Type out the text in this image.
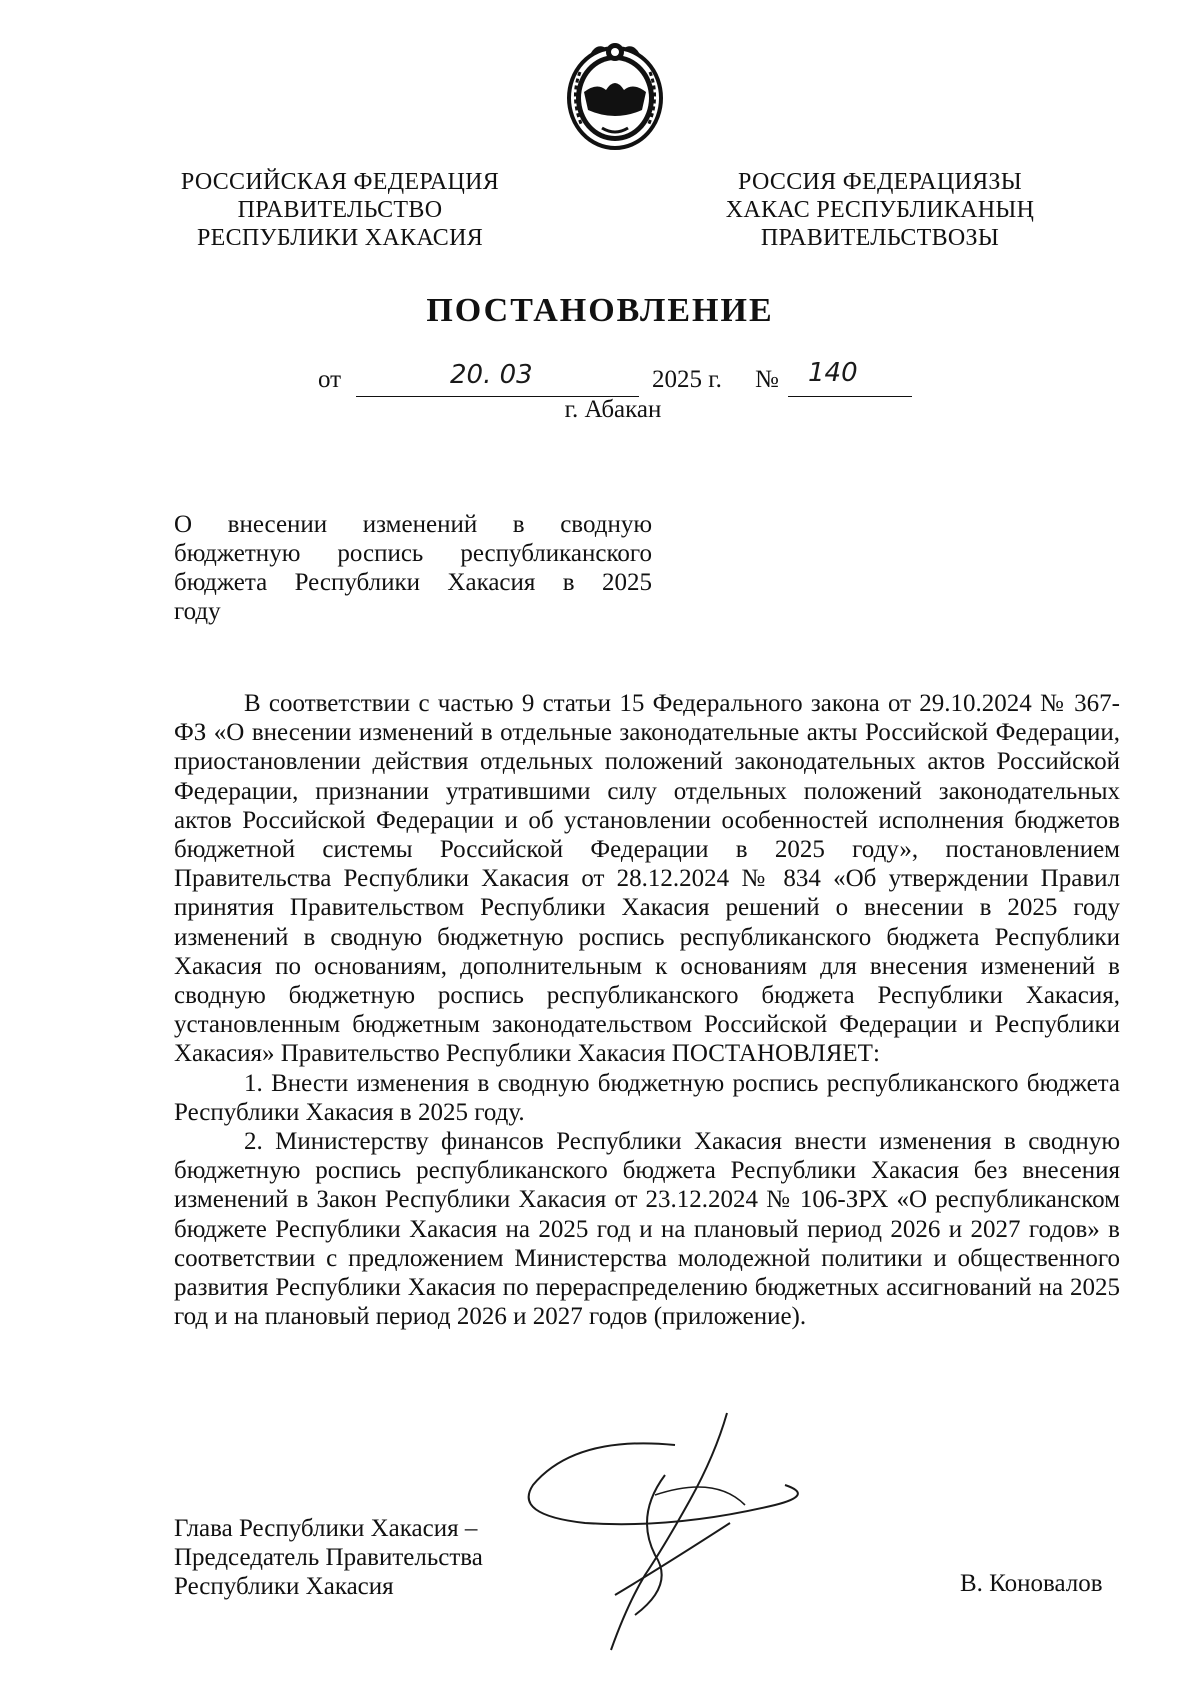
РОССИЙСКАЯ ФЕДЕРАЦИЯ
ПРАВИТЕЛЬСТВО
РЕСПУБЛИКИ ХАКАСИЯ
РОССИЯ ФЕДЕРАЦИЯЗЫ
ХАКАС РЕСПУБЛИКАНЫҢ
ПРАВИТЕЛЬСТВОЗЫ
ПОСТАНОВЛЕНИЕ
от	20. 03	2025 г. № 140
г. Абакан
О внесении изменений в сводную
бюджетную роспись республиканского
бюджета Республики Хакасия в 2025
году

В соответствии с частью 9 статьи 15 Федерального закона от 29.10.2024 № 367-ФЗ «О внесении изменений в отдельные законодательные акты Российской Федерации, приостановлении действия отдельных положений законодательных актов Российской Федерации, признании утратившими силу отдельных положений законодательных актов Российской Федерации и об установлении особенностей исполнения бюджетов бюджетной системы Российской Федерации в 2025 году», постановлением Правительства Республики Хакасия от 28.12.2024 № 834 «Об утверждении Правил принятия Правительством Республики Хакасия решений о внесении в 2025 году изменений в сводную бюджетную роспись республиканского бюджета Республики Хакасия по основаниям, дополнительным к основаниям для внесения изменений в сводную бюджетную роспись республиканского бюджета Республики Хакасия, установленным бюджетным законодательством Российской Федерации и Республики Хакасия» Правительство Республики Хакасия ПОСТАНОВЛЯЕТ:

1. Внести изменения в сводную бюджетную роспись республиканского бюджета Республики Хакасия в 2025 году.

2. Министерству финансов Республики Хакасия внести изменения в сводную бюджетную роспись республиканского бюджета Республики Хакасия без внесения изменений в Закон Республики Хакасия от 23.12.2024 № 106-ЗРХ «О республиканском бюджете Республики Хакасия на 2025 год и на плановый период 2026 и 2027 годов» в соответствии с предложением Министерства молодежной политики и общественного развития Республики Хакасия по перераспределению бюджетных ассигнований на 2025 год и на плановый период 2026 и 2027 годов (приложение).

Глава Республики Хакасия –
Председатель Правительства
Республики Хакасия	В. Коновалов
